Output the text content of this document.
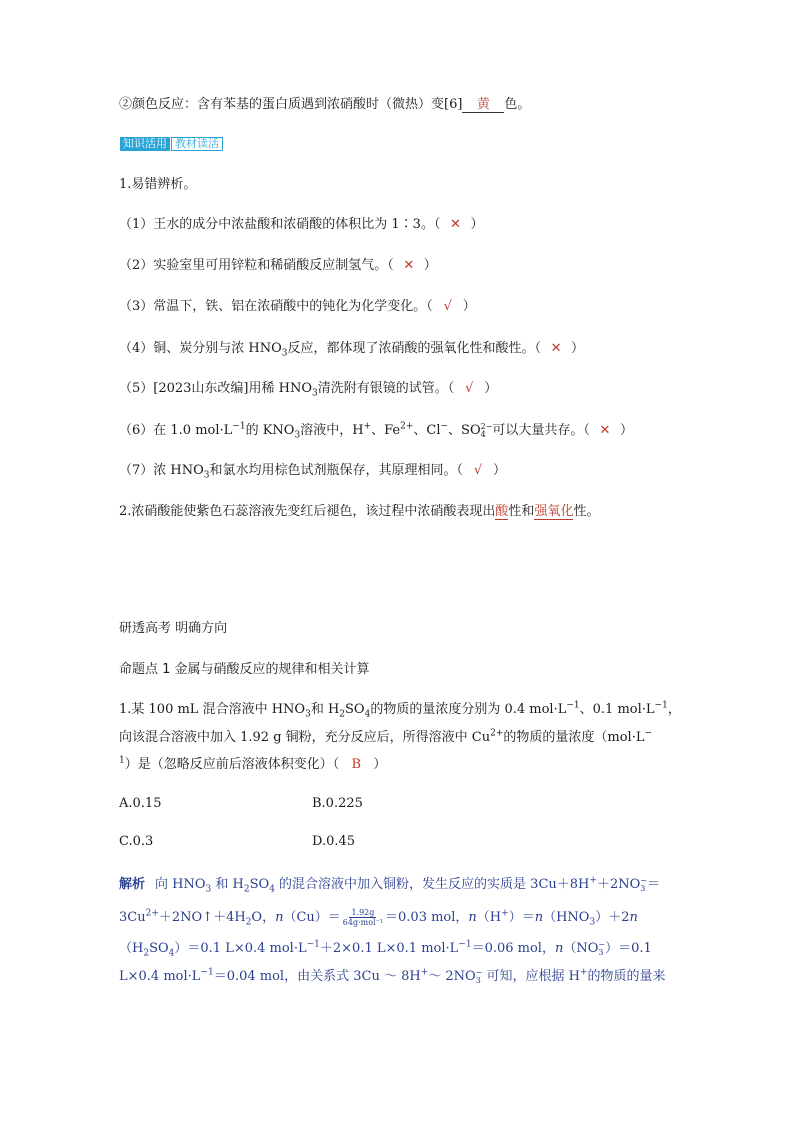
②颜色反应：含有苯基的蛋白质遇到浓硝酸时（微热）变[6] 黄 色。
知识活用 教材读活
1.易错辨析。
（1）王水的成分中浓盐酸和浓硝酸的体积比为 1∶3。（ ✕ ）
（2）实验室里可用锌粒和稀硝酸反应制氢气。（ ✕ ）
（3）常温下，铁、铝在浓硝酸中的钝化为化学变化。（ √ ）
（4）铜、炭分别与浓 $HNO_3$反应，都体现了浓硝酸的强氧化性和酸性。（ ✕ ）
（5）[2023山东改编]用稀 $HNO_3$清洗附有银镜的试管。（ √ ）
（6）在 1.0 $mol\cdot L^{-1}$的 $KNO_3$溶液中，H+、$Fe^{2+}$、Cl−、SO 2−
4 可以大量共存。（ ✕ ）
（7）浓 $HNO_3$和氯水均用棕色试剂瓶保存，其原理相同。（ √ ）
2.浓硝酸能使紫色石蕊溶液先变红后褪色，该过程中浓硝酸表现出酸性和强氧化性。
研透高考 明确方向
命题点 1 金属与硝酸反应的规律和相关计算
1.某 100 mL 混合溶液中 $HNO_3$和 $H_2SO_4$的物质的量浓度分别为 0.4 $mol\cdot L^{-1}$、0.1 $mol\cdot L^{-1}$，
向该混合溶液中加入 1.92 g 铜粉，充分反应后，所得溶液中 $Cu^{2+}$的物质的量浓度（mol·L−
$^1$）是（忽略反应前后溶液体积变化）（ B ）
A.0.15	B.0.225
C.0.3	D.0.45
解析 向 $HNO_3$ 和 $H_2SO_4$ 的混合溶液中加入铜粉，发生反应的实质是 3Cu＋8H+＋2NO −
3 ＝
$3Cu^{2+}+2NO↑+4H_2O$，$n(Cu)= \frac{1.92g}{\text{64g·mol⁻¹}} =0.03$ mol，$n(H^+)=n(HNO_3)+2n$
$(H_2SO_4)=0.1$ L×0.4 $mol\cdot L^{-1}+2\times 0.1$ L×0.1 $mol\cdot L^{-1}=0.06$ mol，n（NO −
3 ）＝0.1
L×0.4 $mol\cdot L^{-1}=0.04$ mol，由关系式 3Cu ～ 8H+～ 2NO −
3 可知，应根据 H+的物质的量来
